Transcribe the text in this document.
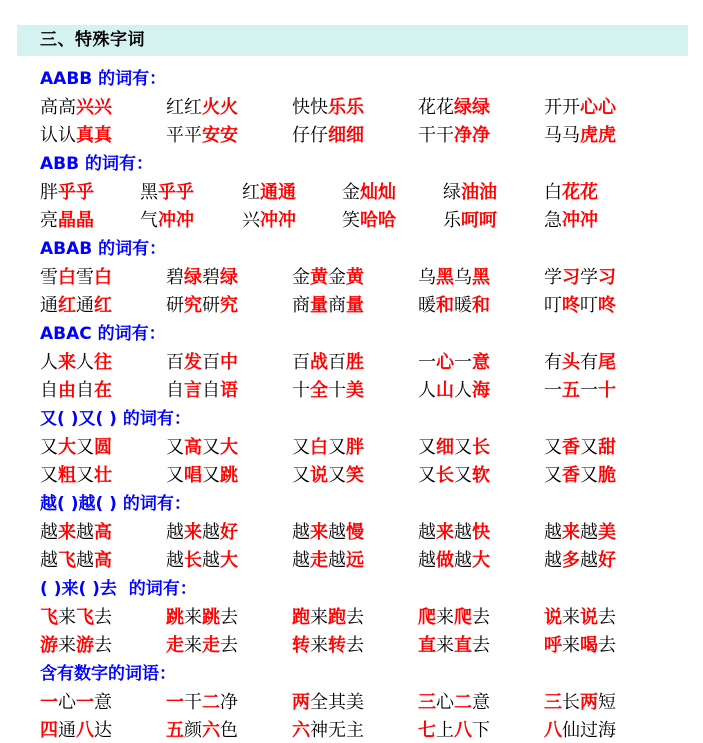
三、特殊字词
AABB 的词有：
高高兴兴	红红火火	快快乐乐	花花绿绿	开开心心
认认真真	平平安安	仔仔细细	干干净净	马马虎虎
ABB 的词有：
胖乎乎	黑乎乎	红通通	金灿灿	绿油油	白花花
亮晶晶	气冲冲	兴冲冲	笑哈哈	乐呵呵	急冲冲
ABAB 的词有：
雪白雪白	碧绿碧绿	金黄金黄	乌黑乌黑	学习学习
通红通红	研究研究	商量商量	暖和暖和	叮咚叮咚
ABAC 的词有：
人来人往	百发百中	百战百胜	一心一意	有头有尾
自由自在	自言自语	十全十美	人山人海	一五一十
又( )又( ) 的词有：
又大又圆	又高又大	又白又胖	又细又长	又香又甜
又粗又壮	又唱又跳	又说又笑	又长又软	又香又脆
越( )越( ) 的词有：
越来越高	越来越好	越来越慢	越来越快	越来越美
越飞越高	越长越大	越走越远	越做越大	越多越好
( )来( )去  的词有：
飞来飞去	跳来跳去	跑来跑去	爬来爬去	说来说去
游来游去	走来走去	转来转去	直来直去	呼来喝去
含有数字的词语：
一心一意	一干二净	两全其美	三心二意	三长两短
四通八达	五颜六色	六神无主	七上八下	八仙过海
